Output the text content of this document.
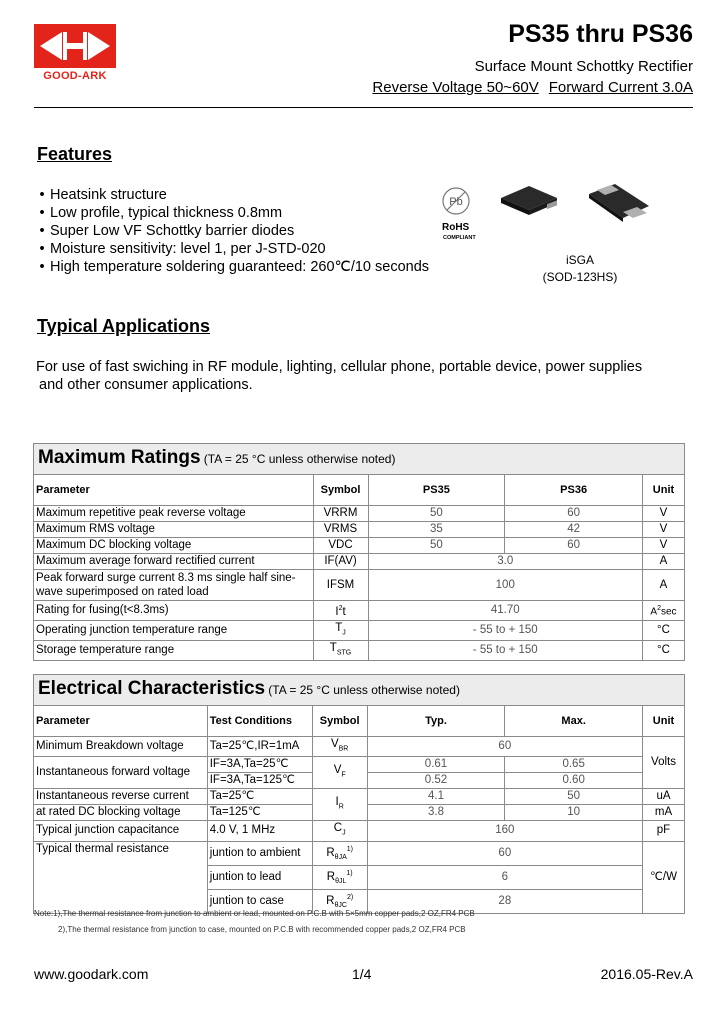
GOOD-ARK
PS35 thru PS36
Surface Mount Schottky Rectifier
Reverse Voltage 50~60V Forward Current 3.0A
Features
• Heatsink structure
• Low profile, typical thickness 0.8mm
• Super Low VF Schottky barrier diodes
• Moisture sensitivity: level 1, per J-STD-020
• High temperature soldering guaranteed: 260℃/10 seconds
Pb
RoHS
COMPLIANT
iSGA
(SOD-123HS)
Typical Applications
For use of fast swiching in RF module, lighting, cellular phone, portable device, power supplies
and other consumer applications.
Maximum Ratings (TA = 25 °C unless otherwise noted)				
Parameter	Symbol	PS35	PS36	Unit
Maximum repetitive peak reverse voltage	VRRM	50	60	V
Maximum RMS voltage	VRMS	35	42	V
Maximum DC blocking voltage	VDC	50	60	V
Maximum average forward rectified current	IF(AV)	3.0		A

Peak forward surge current 8.3 ms single half sine-
wave superimposed on rated load	IFSM	100		A
Rating for fusing(t<8.3ms)	$I^2t$	41.70		$A^2\sec$
Operating junction temperature range	$T_J$	- 55 to + 150		°C
Storage temperature range	$T_{STG}$	- 55 to + 150		°C
Electrical Characteristics (TA = 25 °C unless otherwise noted)					
Parameter	Test Conditions	Symbol	Typ.	Max.	Unit
Minimum Breakdown voltage	Ta=25℃,IR=1mA	$V_{BR}$	60		Volts
Instantaneous forward voltage	IF=3A,Ta=25℃	$V_F$	0.61	0.65	
	IF=3A,Ta=125℃		0.52	0.60	
Instantaneous reverse current	Ta=25℃	$I_R$	4.1	50	uA
at rated DC blocking voltage	Ta=125℃		3.8	10	mA
Typical junction capacitance	4.0 V, 1 MHz	$C_J$	160		pF
Typical thermal resistance	juntion to ambient	$R_{\theta JA}^{1)}$	60		℃/W
	juntion to lead	$R_{\theta JL}^{1)}$	6		
	juntion to case	$R_{\theta JC}^{2)}$	28		
Note:1),The thermal resistance from junction to ambient or lead, mounted on P.C.B with 5×5mm copper pads,2 OZ,FR4 PCB
2),The thermal resistance from junction to case, mounted on P.C.B with recommended copper pads,2 OZ,FR4 PCB
www.goodark.com	1/4	2016.05-Rev.A
